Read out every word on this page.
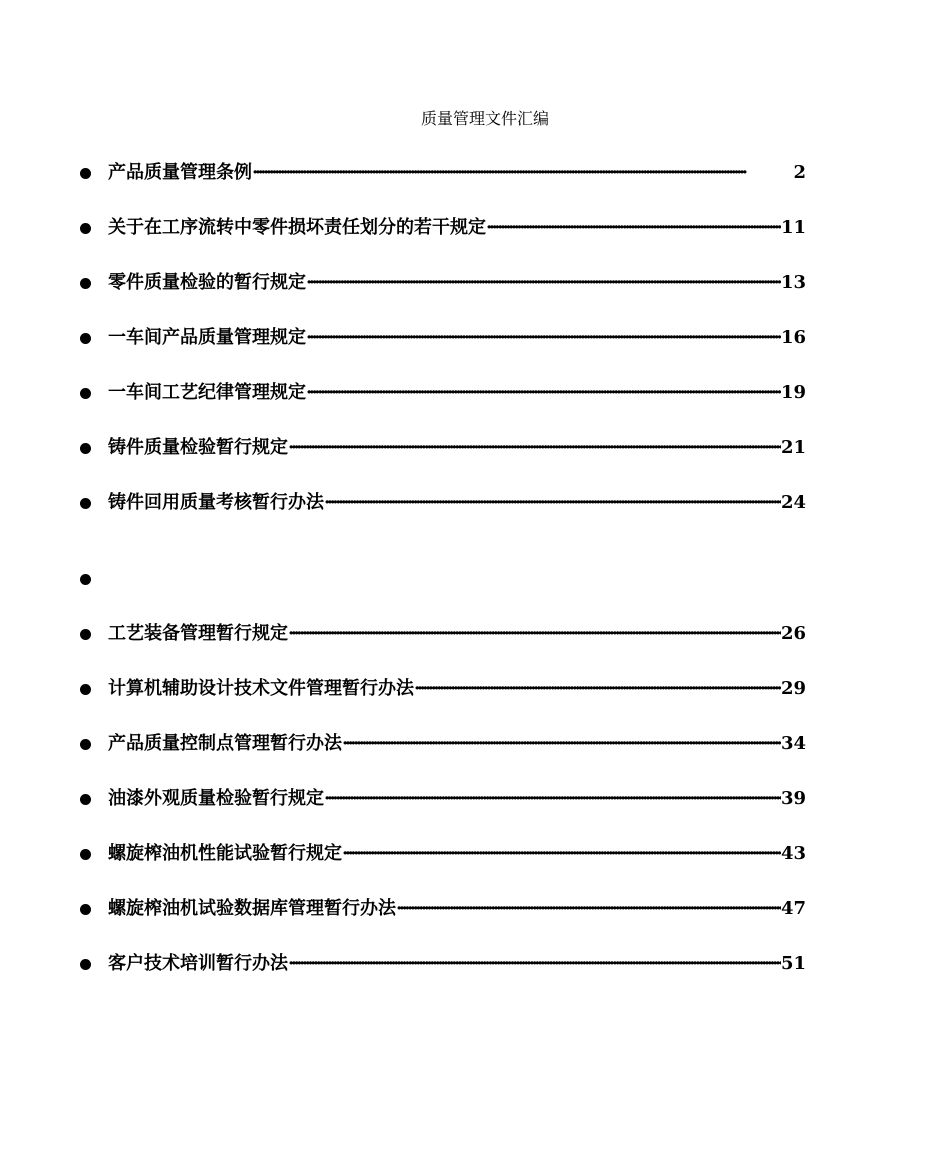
质量管理文件汇编
产品质量管理条例 ·····	2
关于在工序流转中零件损坏责任划分的若干规定 ·····	11
零件质量检验的暂行规定 ·····	13
一车间产品质量管理规定 ·····	16
一车间工艺纪律管理规定 ·····	19
铸件质量检验暂行规定 ·····	21
铸件回用质量考核暂行办法 ·····	24
工艺装备管理暂行规定 ·····	26
计算机辅助设计技术文件管理暂行办法 ·····	29
产品质量控制点管理暂行办法 ·····	34
油漆外观质量检验暂行规定 ·····	39
螺旋榨油机性能试验暂行规定 ·····	43
螺旋榨油机试验数据库管理暂行办法 ·····	47
客户技术培训暂行办法 ·····	51
